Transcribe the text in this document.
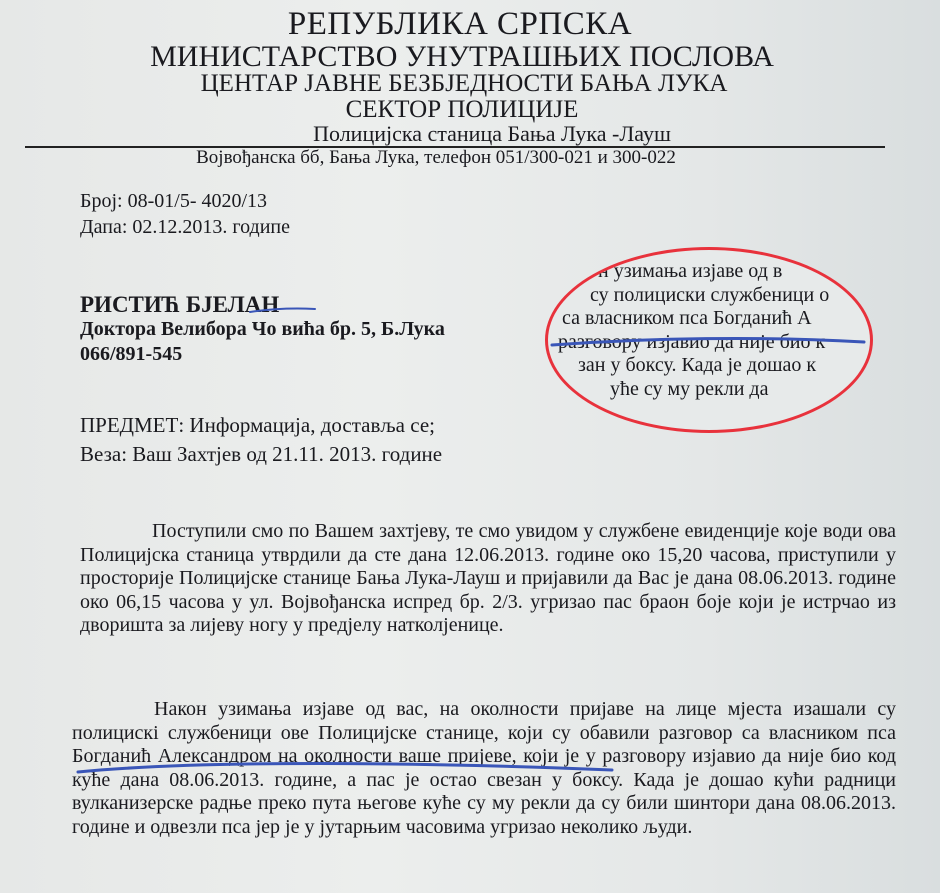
РЕПУБЛИКА СРПСКА
МИНИСТАРСТВО УНУТРАШЊИХ ПОСЛОВА
ЦЕНТАР ЈАВНЕ БЕЗБЈЕДНОСТИ БАЊА ЛУКА
СЕКТОР ПОЛИЦИЈЕ
Полицијска станица Бања Лука -Лауш
Војвођанска бб, Бања Лука, телефон 051/300-021 и 300-022
Број: 08-01/5- 4020/13
Дапа: 02.12.2013. годипе
РИСТИЋ БЈЕЛАН
Доктора Велибора Чо вића бр. 5, Б.Лука
066/891-545
ПРЕДМЕТ: Информација, доставља се;
Веза: Ваш Захтјев од 21.11. 2013. године
Поступили смо по Вашем захтјеву, те смо увидом у службене евиденције које води ова Полицијска станица утврдили да сте дана 12.06.2013. године око 15,20 часова, приступили у просторије Полицијске станице Бања Лука-Лауш и пријавили да Вас је дана 08.06.2013. године око 06,15 часова у ул. Војвођанска испред бр. 2/3. угризао пас браон боје који је истрчао из дворишта за лијеву ногу у предјелу натколјенице.
Након узимања изјаве од вас, на околности пријаве на лице мјеста изашали су полицискi службеници ове Полицијске станице, који су обавили разговор са власником пса Богданић Александром на околности ваше пријеве, који је у разговору изјавио да није био код куће дана 08.06.2013. године, а пас је остао свезан у боксу. Када је дошао кући радници вулканизерске радње преко пута његове куће су му рекли да су били шинтори дана 08.06.2013. године и одвезли пса јер је у јутарњим часовима угризао неколико људи.
н узимања изјаве од в
су полициски службеници о
са власником пса Богданић А
разговору изјавио да није био к
зан у боксу. Када је дошао к
уће су му рекли да
